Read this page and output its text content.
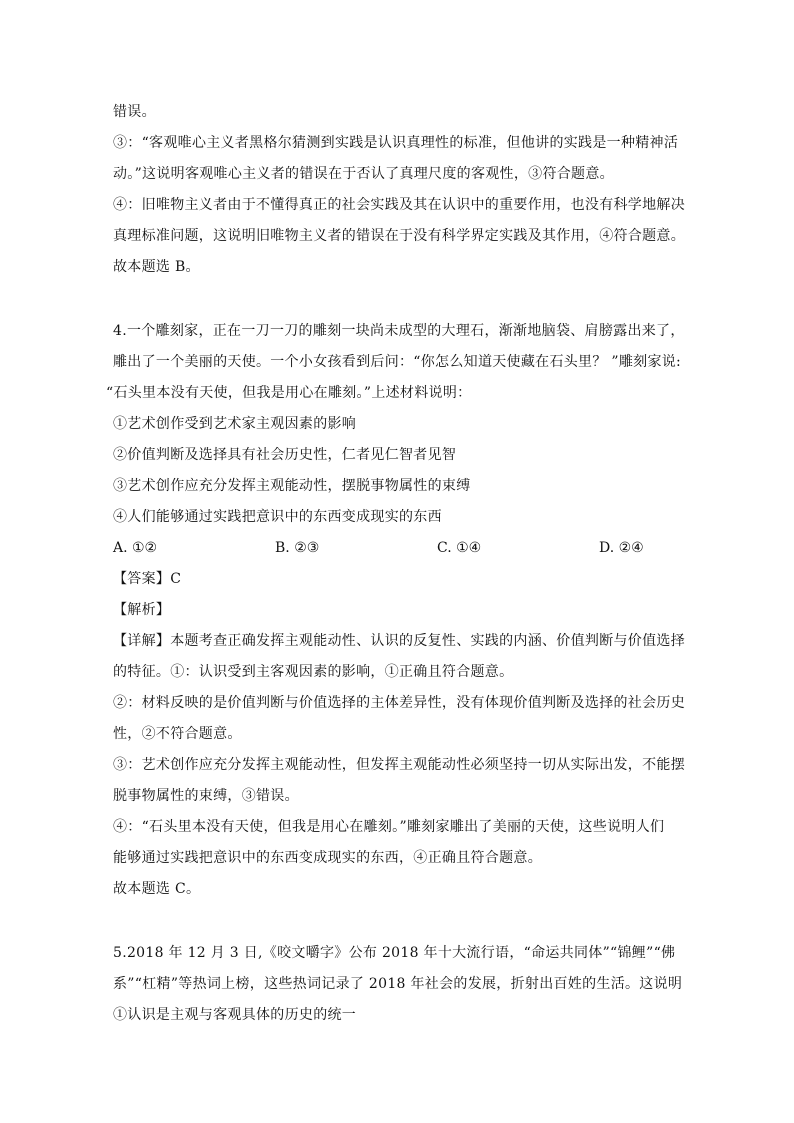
错误。
③：“客观唯心主义者黑格尔猜测到实践是认识真理性的标准，但他讲的实践是一种精神活
动。”这说明客观唯心主义者的错误在于否认了真理尺度的客观性，③符合题意。
④：旧唯物主义者由于不懂得真正的社会实践及其在认识中的重要作用，也没有科学地解决
真理标准问题，这说明旧唯物主义者的错误在于没有科学界定实践及其作用，④符合题意。
故本题选 B。
4.一个雕刻家，正在一刀一刀的雕刻一块尚未成型的大理石，渐渐地脑袋、肩膀露出来了，
雕出了一个美丽的天使。一个小女孩看到后问：“你怎么知道天使藏在石头里？ ”雕刻家说:
“石头里本没有天使，但我是用心在雕刻。”上述材料说明：
①艺术创作受到艺术家主观因素的影响
②价值判断及选择具有社会历史性，仁者见仁智者见智
③艺术创作应充分发挥主观能动性，摆脱事物属性的束缚
④人们能够通过实践把意识中的东西变成现实的东西
A. ①②	B. ②③	C. ①④	D. ②④
【答案】C
【解析】
【详解】本题考查正确发挥主观能动性、认识的反复性、实践的内涵、价值判断与价值选择
的特征。①：认识受到主客观因素的影响，①正确且符合题意。
②：材料反映的是价值判断与价值选择的主体差异性，没有体现价值判断及选择的社会历史
性，②不符合题意。
③：艺术创作应充分发挥主观能动性，但发挥主观能动性必须坚持一切从实际出发，不能摆
脱事物属性的束缚，③错误。
④：“石头里本没有天使，但我是用心在雕刻。”雕刻家雕出了美丽的天使，这些说明人们
能够通过实践把意识中的东西变成现实的东西，④正确且符合题意。
故本题选 C。
5.2018 年 12 月 3 日,《咬文嚼字》公布 2018 年十大流行语，“命运共同体”“锦鲤”“佛
系”“杠精”等热词上榜，这些热词记录了 2018 年社会的发展，折射出百姓的生活。这说明
①认识是主观与客观具体的历史的统一
